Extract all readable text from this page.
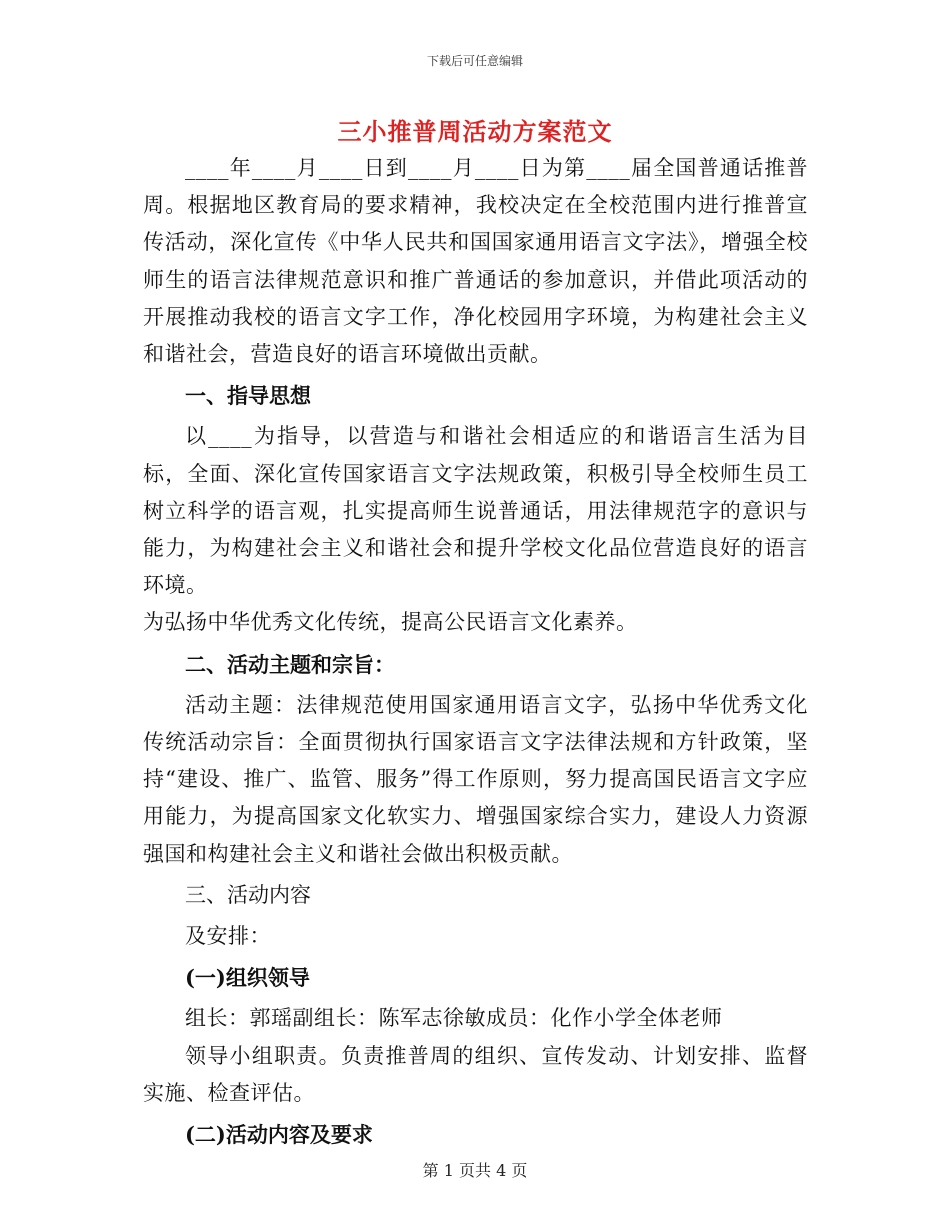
下载后可任意编辑
三小推普周活动方案范文

____年____月____日到____月____日为第____届全国普通话推普周。根据地区教育局的要求精神，我校决定在全校范围内进行推普宣传活动，深化宣传《中华人民共和国国家通用语言文字法》，增强全校师生的语言法律规范意识和推广普通话的参加意识，并借此项活动的开展推动我校的语言文字工作，净化校园用字环境，为构建社会主义和谐社会，营造良好的语言环境做出贡献。

一、指导思想

以____为指导，以营造与和谐社会相适应的和谐语言生活为目标，全面、深化宣传国家语言文字法规政策，积极引导全校师生员工树立科学的语言观，扎实提高师生说普通话，用法律规范字的意识与能力，为构建社会主义和谐社会和提升学校文化品位营造良好的语言环境。

为弘扬中华优秀文化传统，提高公民语言文化素养。

二、活动主题和宗旨：

活动主题：法律规范使用国家通用语言文字，弘扬中华优秀文化传统活动宗旨：全面贯彻执行国家语言文字法律法规和方针政策，坚持“建设、推广、监管、服务”得工作原则，努力提高国民语言文字应用能力，为提高国家文化软实力、增强国家综合实力，建设人力资源强国和构建社会主义和谐社会做出积极贡献。

三、活动内容

及安排：

(一)组织领导

组长：郭瑶副组长：陈军志徐敏成员：化作小学全体老师

领导小组职责。负责推普周的组织、宣传发动、计划安排、监督实施、检查评估。

(二)活动内容及要求

第 1 页共 4 页
